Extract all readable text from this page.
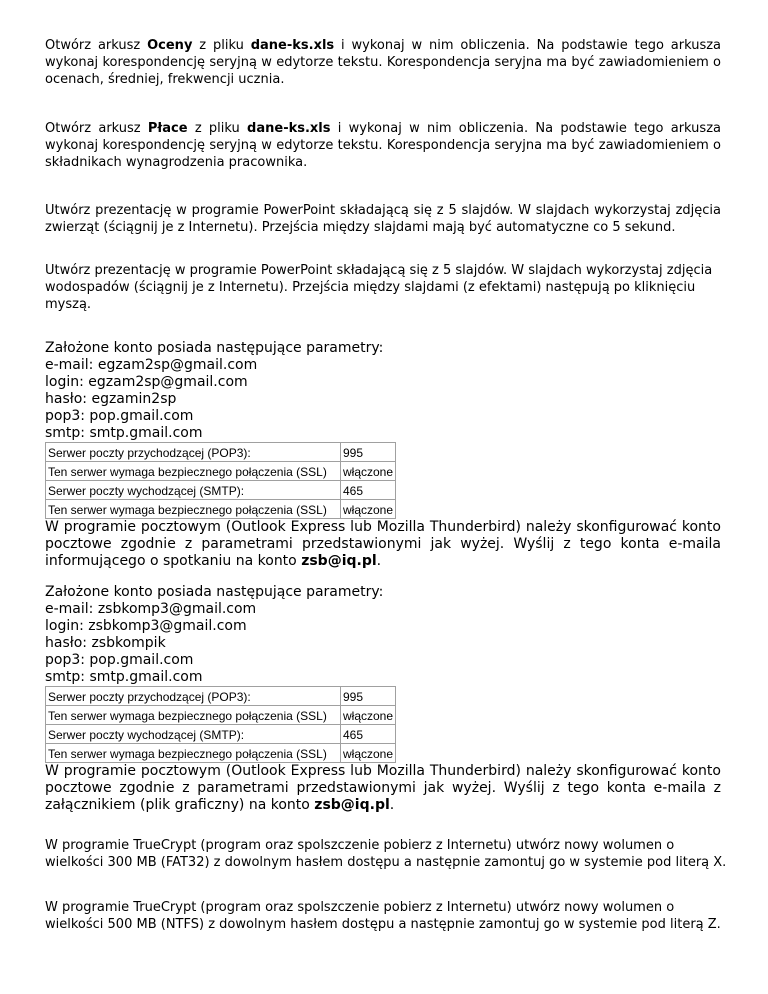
Otwórz arkusz Oceny z pliku dane-ks.xls i wykonaj w nim obliczenia. Na podstawie tego arkusza wykonaj korespondencję seryjną w edytorze tekstu. Korespondencja seryjna ma być zawiadomieniem o ocenach, średniej, frekwencji ucznia.

Otwórz arkusz Płace z pliku dane-ks.xls i wykonaj w nim obliczenia. Na podstawie tego arkusza wykonaj korespondencję seryjną w edytorze tekstu. Korespondencja seryjna ma być zawiadomieniem o składnikach wynagrodzenia pracownika.

Utwórz prezentację w programie PowerPoint składającą się z 5 slajdów. W slajdach wykorzystaj zdjęcia zwierząt (ściągnij je z Internetu). Przejścia między slajdami mają być automatyczne co 5 sekund.

Utwórz prezentację w programie PowerPoint składającą się z 5 slajdów. W slajdach wykorzystaj zdjęcia
wodospadów (ściągnij je z Internetu). Przejścia między slajdami (z efektami) następują po kliknięciu
myszą.
Założone konto posiada następujące parametry:
e-mail: egzam2sp@gmail.com
login: egzam2sp@gmail.com
hasło: egzamin2sp
pop3: pop.gmail.com
smtp: smtp.gmail.com
Serwer poczty przychodzącej (POP3):	995
Ten serwer wymaga bezpiecznego połączenia (SSL)	włączone
Serwer poczty wychodzącej (SMTP):	465
Ten serwer wymaga bezpiecznego połączenia (SSL)	włączone

W programie pocztowym (Outlook Express lub Mozilla Thunderbird) należy skonfigurować konto pocztowe zgodnie z parametrami przedstawionymi jak wyżej. Wyślij z tego konta e-maila informującego o spotkaniu na konto zsb@iq.pl.

Założone konto posiada następujące parametry:
e-mail: zsbkomp3@gmail.com
login: zsbkomp3@gmail.com
hasło: zsbkompik
pop3: pop.gmail.com
smtp: smtp.gmail.com
Serwer poczty przychodzącej (POP3):	995
Ten serwer wymaga bezpiecznego połączenia (SSL)	włączone
Serwer poczty wychodzącej (SMTP):	465
Ten serwer wymaga bezpiecznego połączenia (SSL)	włączone

W programie pocztowym (Outlook Express lub Mozilla Thunderbird) należy skonfigurować konto pocztowe zgodnie z parametrami przedstawionymi jak wyżej. Wyślij z tego konta e-maila z załącznikiem (plik graficzny) na konto zsb@iq.pl.

W programie TrueCrypt (program oraz spolszczenie pobierz z Internetu) utwórz nowy wolumen o
wielkości 300 MB (FAT32) z dowolnym hasłem dostępu a następnie zamontuj go w systemie pod literą X.
W programie TrueCrypt (program oraz spolszczenie pobierz z Internetu) utwórz nowy wolumen o
wielkości 500 MB (NTFS) z dowolnym hasłem dostępu a następnie zamontuj go w systemie pod literą Z.
